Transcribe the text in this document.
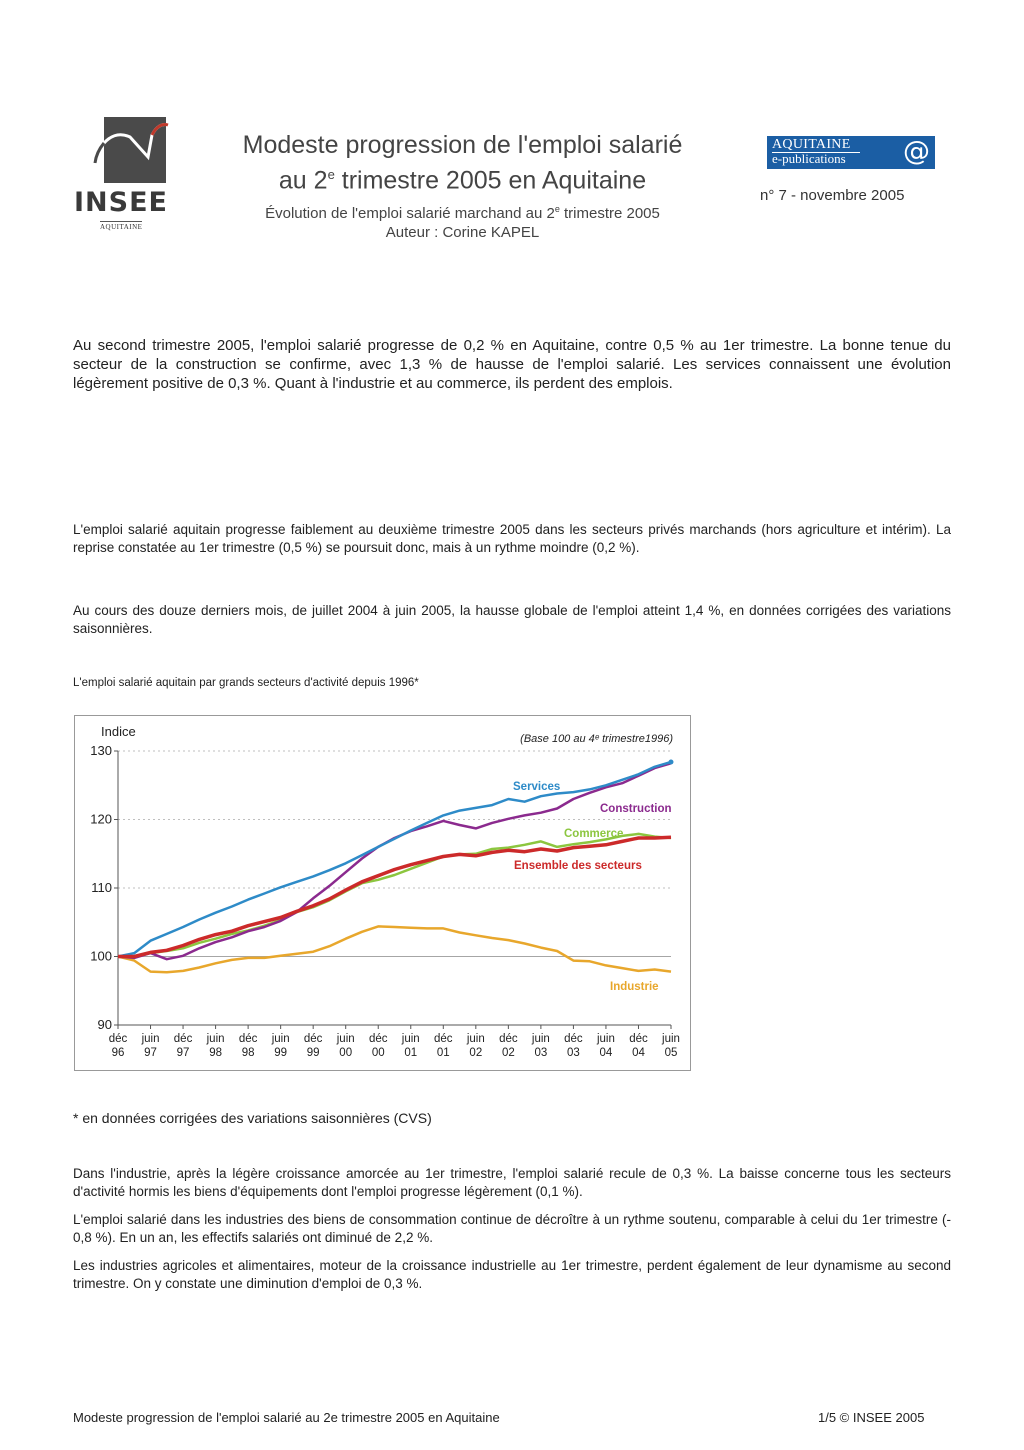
INSEE
AQUITAINE
Modeste progression de l'emploi salarié
au 2e trimestre 2005 en Aquitaine
Évolution de l'emploi salarié marchand au 2e trimestre 2005
Auteur : Corine KAPEL
AQUITAINE
e-publications @
n° 7 - novembre 2005
Au second trimestre 2005, l'emploi salarié progresse de 0,2 % en Aquitaine, contre 0,5 % au 1er trimestre. La bonne tenue du secteur de la construction se confirme, avec 1,3 % de hausse de l'emploi salarié. Les services connaissent une évolution légèrement positive de 0,3 %. Quant à l'industrie et au commerce, ils perdent des emplois.
L'emploi salarié aquitain progresse faiblement au deuxième trimestre 2005 dans les secteurs privés marchands (hors agriculture et intérim). La reprise constatée au 1er trimestre (0,5 %) se poursuit donc, mais à un rythme moindre (0,2 %).
Au cours des douze derniers mois, de juillet 2004 à juin 2005, la hausse globale de l'emploi atteint 1,4 %, en données corrigées des variations saisonnières.
L'emploi salarié aquitain par grands secteurs d'activité depuis 1996*
90
100
110
120
130
Indice	(Base 100 au 4ᵉ trimestre1996)
déc
96
juin
97
déc
97
juin
98
déc
98
juin
99
déc
99
juin
00
déc
00
juin
01
déc
01
juin
02
déc
02
juin
03
déc
03
juin
04
déc
04
juin
05
Services
Construction
Commerce
Ensemble des secteurs
Industrie
* en données corrigées des variations saisonnières (CVS)
Dans l'industrie, après la légère croissance amorcée au 1er trimestre, l'emploi salarié recule de 0,3 %. La baisse concerne tous les secteurs d'activité hormis les biens d'équipements dont l'emploi progresse légèrement (0,1 %).
L'emploi salarié dans les industries des biens de consommation continue de décroître à un rythme soutenu, comparable à celui du 1er trimestre (- 0,8 %). En un an, les effectifs salariés ont diminué de 2,2 %.
Les industries agricoles et alimentaires, moteur de la croissance industrielle au 1er trimestre, perdent également de leur dynamisme au second trimestre. On y constate une diminution d'emploi de 0,3 %.
Modeste progression de l'emploi salarié au 2e trimestre 2005 en Aquitaine	1/5 © INSEE 2005
